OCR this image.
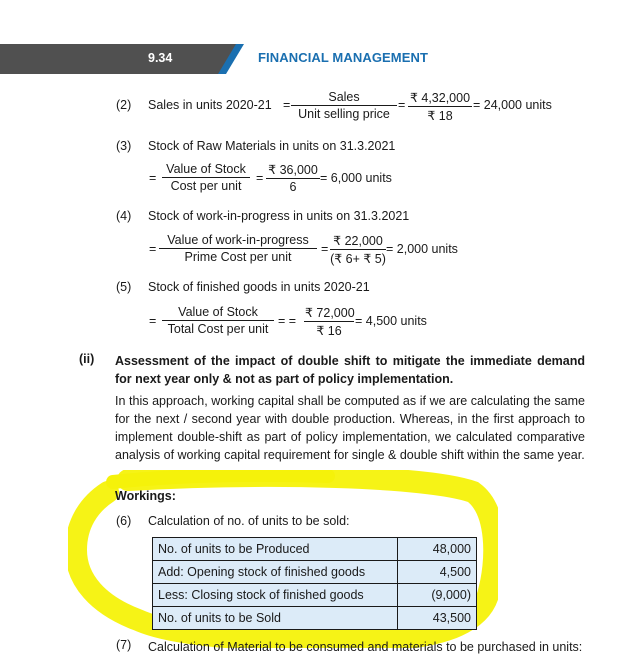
9.34	FINANCIAL MANAGEMENT
(2) Sales in units 2020-21 =
Sales
Unit selling price
= $\frac{₹ 4,32,000}{₹ 18} = 24,000$ units
(3) Stock of Raw Materials in units on 31.3.2021
=
Value of Stock
Cost per unit
= $\frac{₹ 36,000}{6} = 6,000$ units
(4) Stock of work-in-progress in units on 31.3.2021
=
Value of work-in-progress
Prime Cost per unit
= $\frac{₹ 22,000}{(₹ 6+ ₹ 5)} = 2,000$ units
(5) Stock of finished goods in units 2020-21
=
Value of Stock
Total Cost per unit
= = $\frac{₹ 72,000}{₹ 16} = 4,500$ units
(ii) Assessment of the impact of double shift to mitigate the immediate demand for next year only & not as part of policy implementation.
In this approach, working capital shall be computed as if we are calculating the same for the next / second year with double production. Whereas, in the first approach to implement double-shift as part of policy implementation, we calculated comparative analysis of working capital requirement for single & double shift within the same year.
Workings:
(6) Calculation of no. of units to be sold:
No. of units to be Produced	48,000
Add: Opening stock of finished goods	4,500
Less: Closing stock of finished goods	(9,000)
No. of units to be Sold	43,500
(7) Calculation of Material to be consumed and materials to be purchased in units:
